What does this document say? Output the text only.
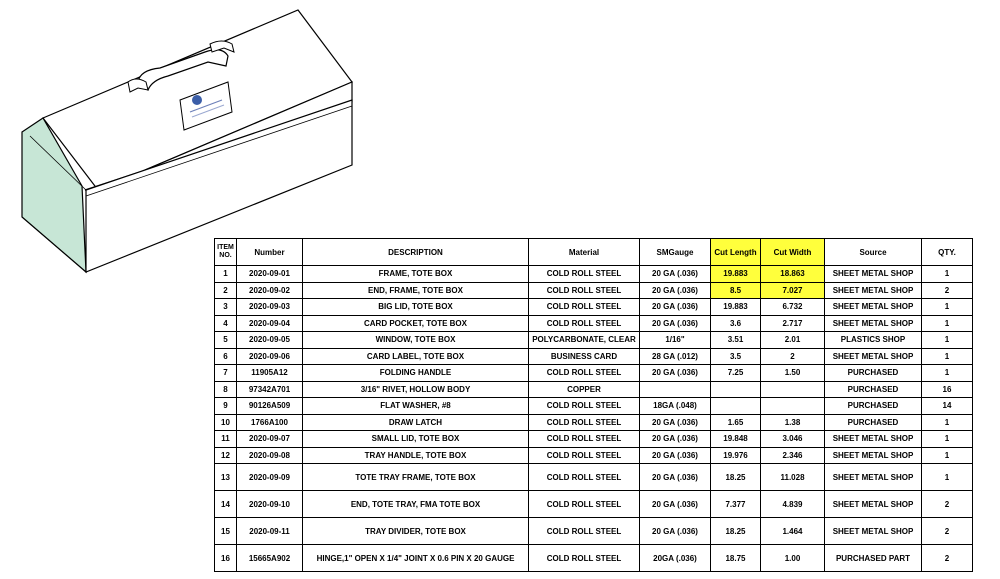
ITEM NO.	Number	DESCRIPTION	Material	SMGauge	Cut Length	Cut Width	Source	QTY.
1	2020-09-01	FRAME, TOTE BOX	COLD ROLL STEEL	20 GA (.036)	19.883	18.863	SHEET METAL SHOP	1
2	2020-09-02	END, FRAME, TOTE BOX	COLD ROLL STEEL	20 GA (.036)	8.5	7.027	SHEET METAL SHOP	2
3	2020-09-03	BIG LID, TOTE BOX	COLD ROLL STEEL	20 GA (.036)	19.883	6.732	SHEET METAL SHOP	1
4	2020-09-04	CARD POCKET, TOTE BOX	COLD ROLL STEEL	20 GA (.036)	3.6	2.717	SHEET METAL SHOP	1
5	2020-09-05	WINDOW, TOTE BOX	POLYCARBONATE, CLEAR	1/16"	3.51	2.01	PLASTICS SHOP	1
6	2020-09-06	CARD LABEL, TOTE BOX	BUSINESS CARD	28 GA (.012)	3.5	2	SHEET METAL SHOP	1
7	11905A12	FOLDING HANDLE	COLD ROLL STEEL	20 GA (.036)	7.25	1.50	PURCHASED	1
8	97342A701	3/16" RIVET, HOLLOW BODY	COPPER				PURCHASED	16
9	90126A509	FLAT WASHER, #8	COLD ROLL STEEL	18GA (.048)			PURCHASED	14
10	1766A100	DRAW LATCH	COLD ROLL STEEL	20 GA (.036)	1.65	1.38	PURCHASED	1
11	2020-09-07	SMALL LID, TOTE BOX	COLD ROLL STEEL	20 GA (.036)	19.848	3.046	SHEET METAL SHOP	1
12	2020-09-08	TRAY HANDLE, TOTE BOX	COLD ROLL STEEL	20 GA (.036)	19.976	2.346	SHEET METAL SHOP	1
13	2020-09-09	TOTE TRAY FRAME, TOTE BOX	COLD ROLL STEEL	20 GA (.036)	18.25	11.028	SHEET METAL SHOP	1
14	2020-09-10	END, TOTE TRAY, FMA TOTE BOX	COLD ROLL STEEL	20 GA (.036)	7.377	4.839	SHEET METAL SHOP	2
15	2020-09-11	TRAY DIVIDER, TOTE BOX	COLD ROLL STEEL	20 GA (.036)	18.25	1.464	SHEET METAL SHOP	2
16	15665A902	HINGE,1" OPEN X 1/4" JOINT X 0.6 PIN X 20 GAUGE	COLD ROLL STEEL	20GA (.036)	18.75	1.00	PURCHASED PART	2
